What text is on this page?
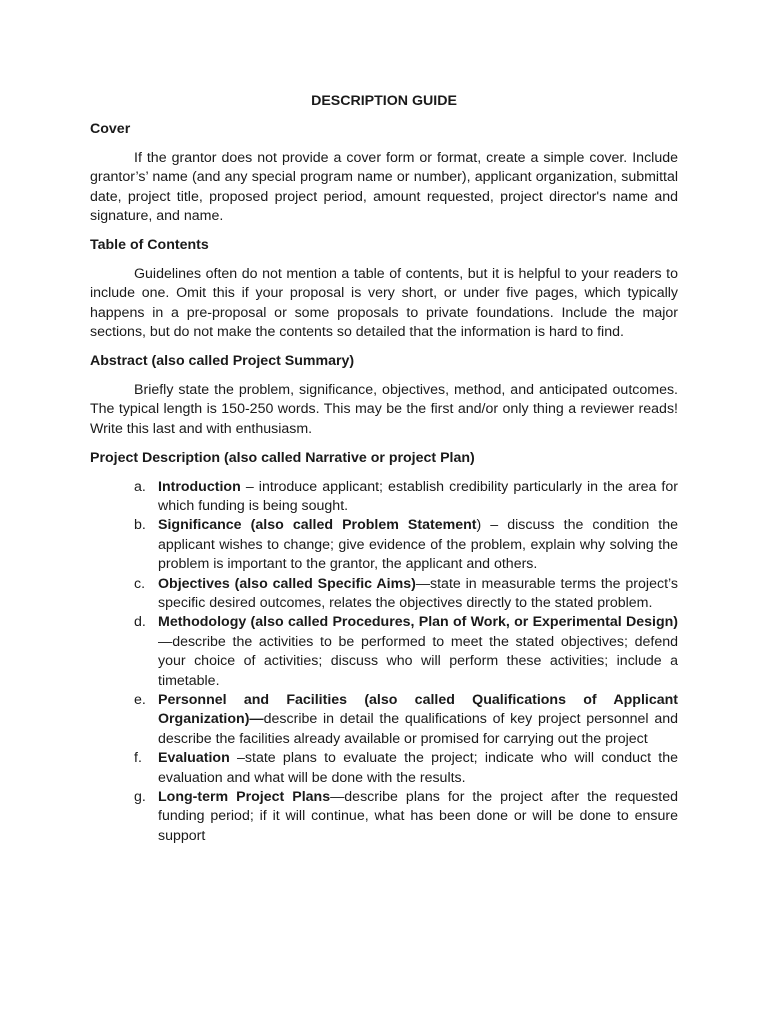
DESCRIPTION GUIDE
Cover

If the grantor does not provide a cover form or format, create a simple cover. Include grantor’s’ name (and any special program name or number), applicant organization, submittal date, project title, proposed project period, amount requested, project director's name and signature, and name.

Table of Contents

Guidelines often do not mention a table of contents, but it is helpful to your readers to include one. Omit this if your proposal is very short, or under five pages, which typically happens in a pre-proposal or some proposals to private foundations. Include the major sections, but do not make the contents so detailed that the information is hard to find.

Abstract (also called Project Summary)

Briefly state the problem, significance, objectives, method, and anticipated outcomes. The typical length is 150-250 words. This may be the first and/or only thing a reviewer reads! Write this last and with enthusiasm.

Project Description (also called Narrative or project Plan)
a. Introduction – introduce applicant; establish credibility particularly in the area for which funding is being sought.
b. Significance (also called Problem Statement) – discuss the condition the applicant wishes to change; give evidence of the problem, explain why solving the problem is important to the grantor, the applicant and others.
c. Objectives (also called Specific Aims)—state in measurable terms the project’s specific desired outcomes, relates the objectives directly to the stated problem.
d. Methodology (also called Procedures, Plan of Work, or Experimental Design)—describe the activities to be performed to meet the stated objectives; defend your choice of activities; discuss who will perform these activities; include a timetable.
e. Personnel and Facilities (also called Qualifications of Applicant Organization)—describe in detail the qualifications of key project personnel and describe the facilities already available or promised for carrying out the project
f. Evaluation –state plans to evaluate the project; indicate who will conduct the evaluation and what will be done with the results.
g. Long-term Project Plans—describe plans for the project after the requested funding period; if it will continue, what has been done or will be done to ensure support
